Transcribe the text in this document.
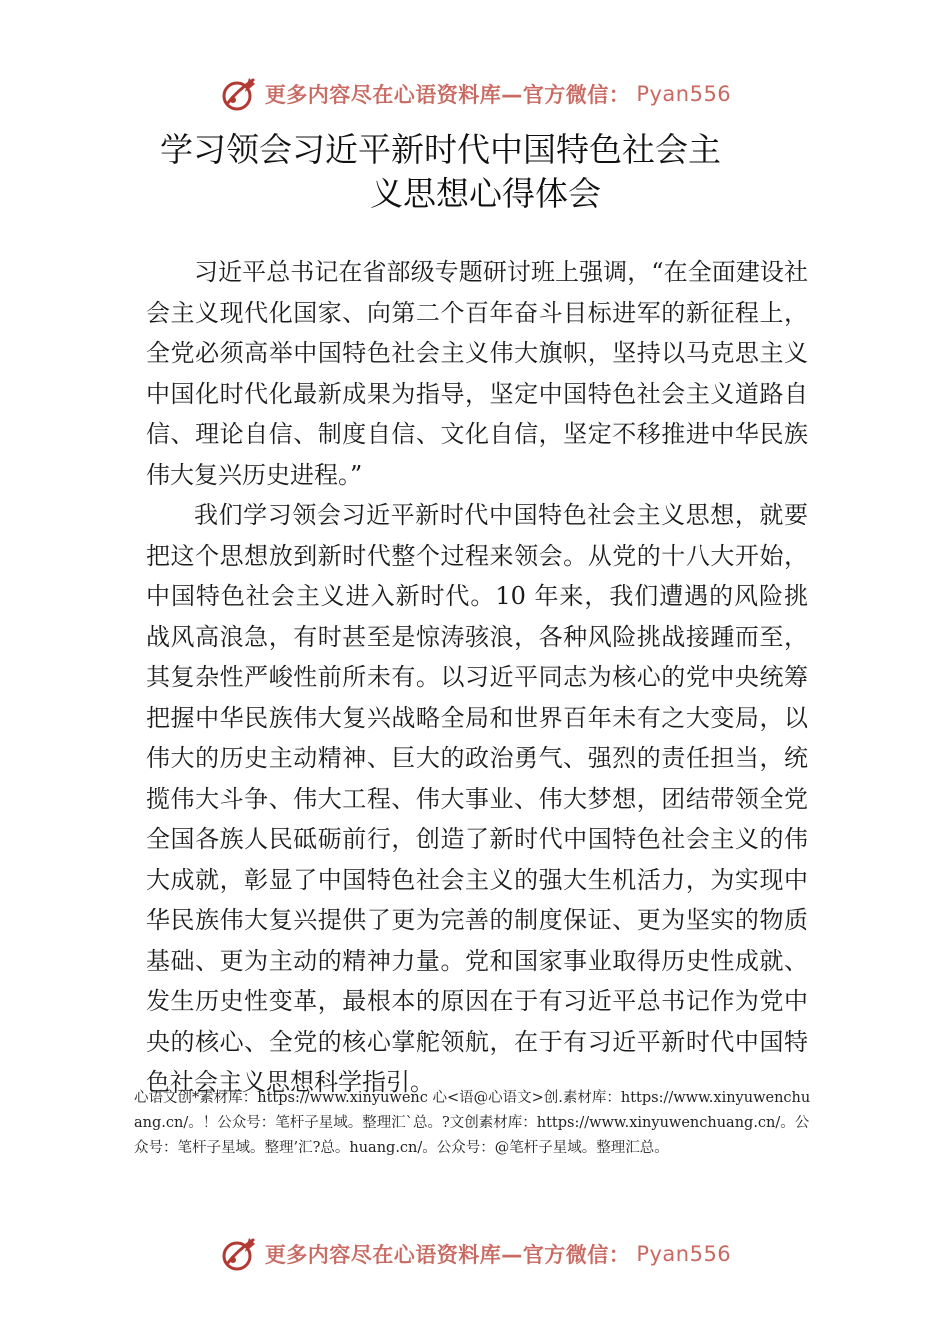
更多内容尽在心语资料库—官方微信： Pyan556
学习领会习近平新时代中国特色社会主
义思想心得体会

习近平总书记在省部级专题研讨班上强调，“在全面建设社会主义现代化国家、向第二个百年奋斗目标进军的新征程上，全党必须高举中国特色社会主义伟大旗帜，坚持以马克思主义中国化时代化最新成果为指导，坚定中国特色社会主义道路自信、理论自信、制度自信、文化自信，坚定不移推进中华民族伟大复兴历史进程。”

我们学习领会习近平新时代中国特色社会主义思想，就要把这个思想放到新时代整个过程来领会。从党的十八大开始，中国特色社会主义进入新时代。10 年来，我们遭遇的风险挑战风高浪急，有时甚至是惊涛骇浪，各种风险挑战接踵而至，其复杂性严峻性前所未有。以习近平同志为核心的党中央统筹把握中华民族伟大复兴战略全局和世界百年未有之大变局，以伟大的历史主动精神、巨大的政治勇气、强烈的责任担当，统揽伟大斗争、伟大工程、伟大事业、伟大梦想，团结带领全党全国各族人民砥砺前行，创造了新时代中国特色社会主义的伟大成就，彰显了中国特色社会主义的强大生机活力，为实现中华民族伟大复兴提供了更为完善的制度保证、更为坚实的物质基础、更为主动的精神力量。党和国家事业取得历史性成就、发生历史性变革，最根本的原因在于有习近平总书记作为党中央的核心、全党的核心掌舵领航，在于有习近平新时代中国特色社会主义思想科学指引。

心语文创*素材库：https://www.xinyuwenc 心<语@心语文>创.素材库：https://www.xinyuwenchuang.cn/。！公众号：笔杆子星域。整理汇`总。?文创素材库：https://www.xinyuwenchuang.cn/。公众号：笔杆子星域。整理’汇?总。huang.cn/。公众号：@笔杆子星域。整理汇总。
更多内容尽在心语资料库—官方微信： Pyan556
